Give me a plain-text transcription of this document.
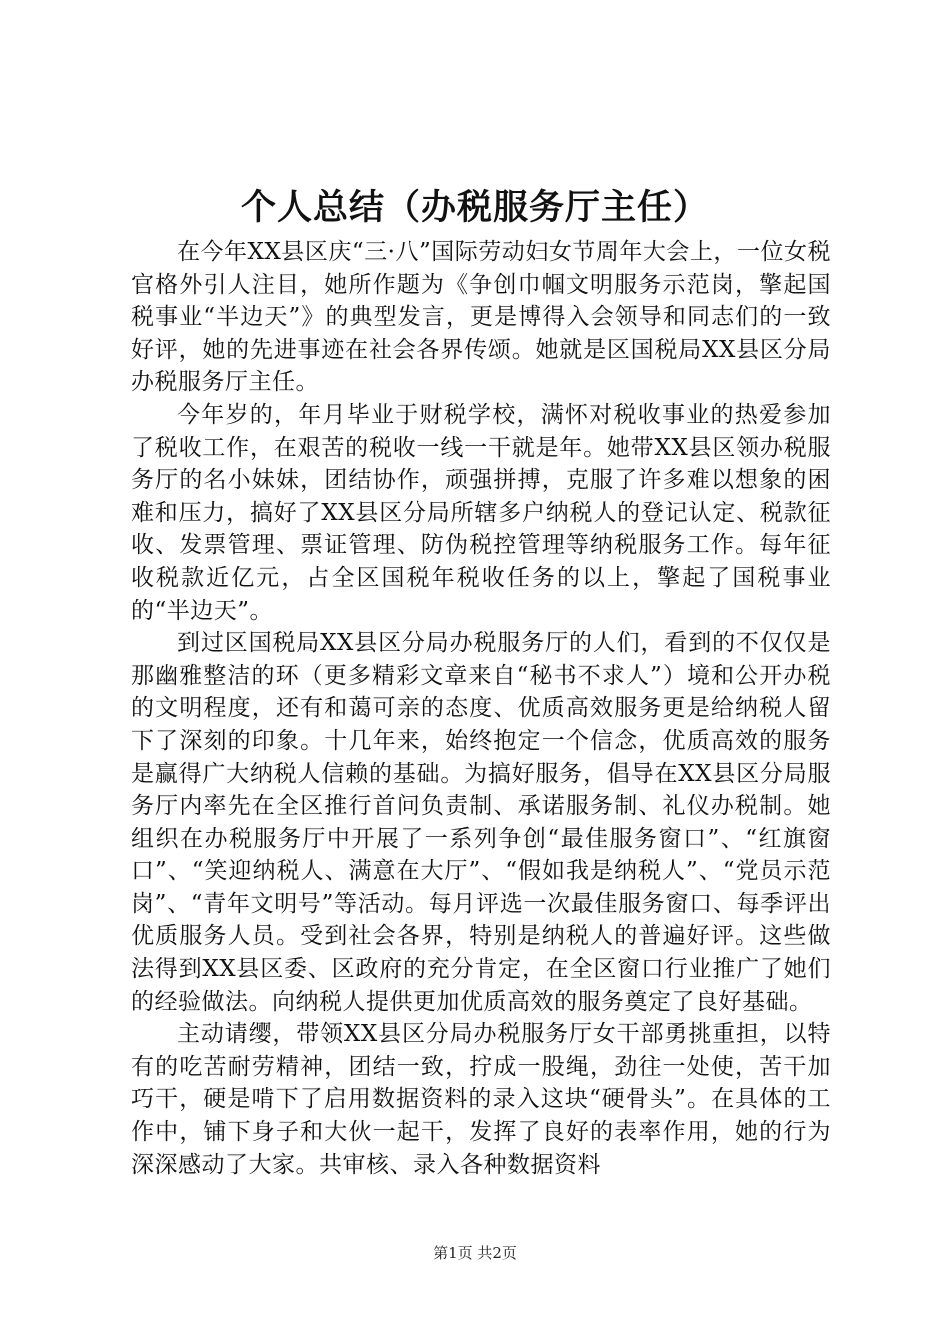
个人总结（办税服务厅主任）

在今年XX县区庆“三·八”国际劳动妇女节周年大会上，一位女税官格外引人注目，她所作题为《争创巾帼文明服务示范岗，擎起国税事业“半边天”》的典型发言，更是博得入会领导和同志们的一致好评，她的先进事迹在社会各界传颂。她就是区国税局XX县区分局办税服务厅主任。

今年岁的，年月毕业于财税学校，满怀对税收事业的热爱参加了税收工作，在艰苦的税收一线一干就是年。她带XX县区领办税服务厅的名小妹妹，团结协作，顽强拼搏，克服了许多难以想象的困难和压力，搞好了XX县区分局所辖多户纳税人的登记认定、税款征收、发票管理、票证管理、防伪税控管理等纳税服务工作。每年征收税款近亿元，占全区国税年税收任务的以上，擎起了国税事业的“半边天”。

到过区国税局XX县区分局办税服务厅的人们，看到的不仅仅是那幽雅整洁的环（更多精彩文章来自“秘书不求人”）境和公开办税的文明程度，还有和蔼可亲的态度、优质高效服务更是给纳税人留下了深刻的印象。十几年来，始终抱定一个信念，优质高效的服务是赢得广大纳税人信赖的基础。为搞好服务，倡导在XX县区分局服务厅内率先在全区推行首问负责制、承诺服务制、礼仪办税制。她组织在办税服务厅中开展了一系列争创“最佳服务窗口”、“红旗窗口”、“笑迎纳税人、满意在大厅”、“假如我是纳税人”、“党员示范岗”、“青年文明号”等活动。每月评选一次最佳服务窗口、每季评出优质服务人员。受到社会各界，特别是纳税人的普遍好评。这些做法得到XX县区委、区政府的充分肯定，在全区窗口行业推广了她们的经验做法。向纳税人提供更加优质高效的服务奠定了良好基础。

主动请缨，带领XX县区分局办税服务厅女干部勇挑重担，以特有的吃苦耐劳精神，团结一致，拧成一股绳，劲往一处使，苦干加巧干，硬是啃下了启用数据资料的录入这块“硬骨头”。在具体的工作中，铺下身子和大伙一起干，发挥了良好的表率作用，她的行为深深感动了大家。共审核、录入各种数据资料

第1页 共2页
